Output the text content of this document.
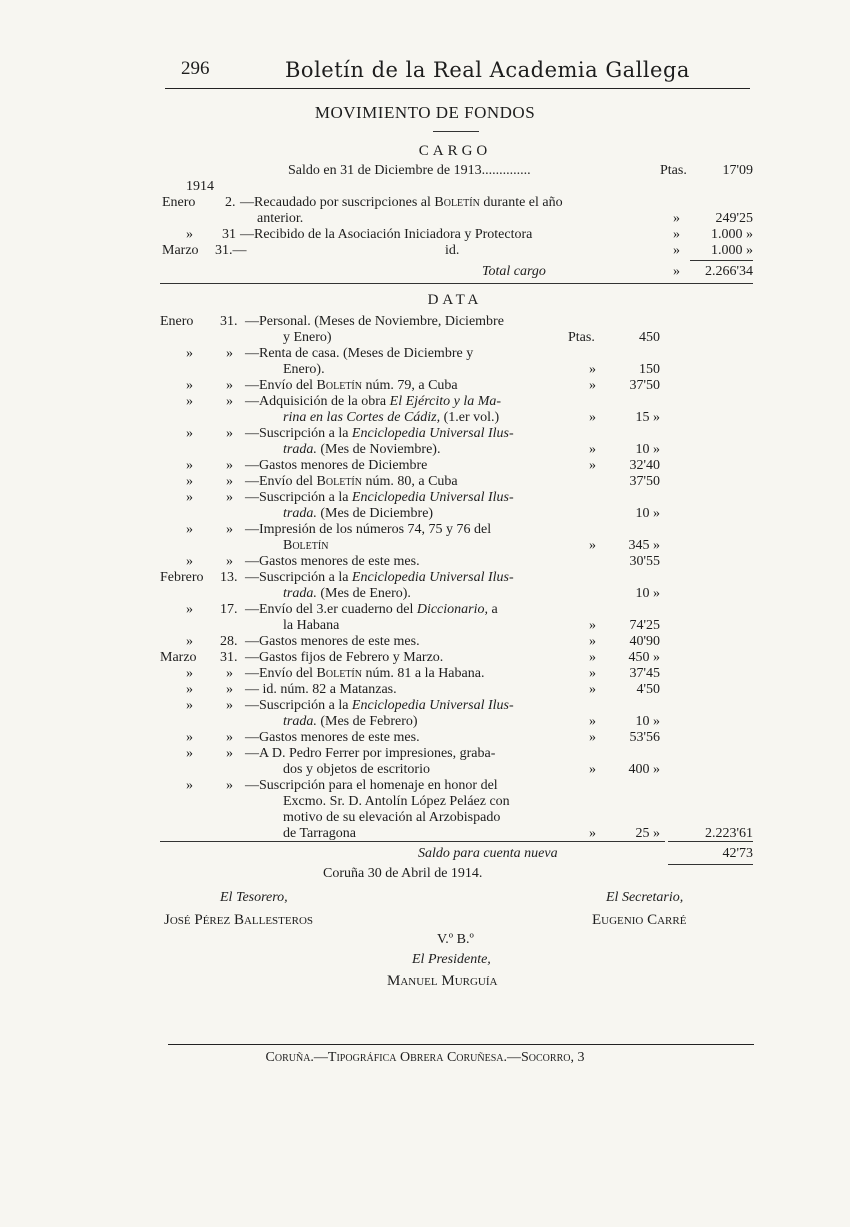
296	Boletín de la Real Academia Gallega
MOVIMIENTO DE FONDOS
CARGO
Saldo en 31 de Diciembre de 1913..............	Ptas.	17'09
1914
Enero 2. —Recaudado por suscripciones al Boletín durante el año
anterior.	»	249'25
» 31 —Recibido de la Asociación Iniciadora y Protectora	»	1.000 »
Marzo 31.—	id.	»	1.000 »
Total cargo	»	2.266'34
DATA
Enero 31. —Personal. (Meses de Noviembre, Diciembre
y Enero)	Ptas.	450
» » —Renta de casa. (Meses de Diciembre y
Enero).	»	150
» » —Envío del Boletín núm. 79, a Cuba	»	37'50
» » —Adquisición de la obra El Ejército y la Ma-
rina en las Cortes de Cádiz, (1.er vol.)	»	15 »
» » —Suscripción a la Enciclopedia Universal Ilus-
trada. (Mes de Noviembre).	»	10 »
» » —Gastos menores de Diciembre	»	32'40
» » —Envío del Boletín núm. 80, a Cuba	37'50
» » —Suscripción a la Enciclopedia Universal Ilus-
trada. (Mes de Diciembre)	10 »
» » —Impresión de los números 74, 75 y 76 del
Boletín	»	345 »
» » —Gastos menores de este mes.	30'55
Febrero 13. —Suscripción a la Enciclopedia Universal Ilus-
trada. (Mes de Enero).	10 »
» 17. —Envío del 3.er cuaderno del Diccionario, a
la Habana	»	74'25
» 28. —Gastos menores de este mes.	»	40'90
Marzo 31. —Gastos fijos de Febrero y Marzo.	»	450 »
» » —Envío del Boletín núm. 81 a la Habana.	»	37'45
» » — id. núm. 82 a Matanzas.	»	4'50
» » —Suscripción a la Enciclopedia Universal Ilus-
trada. (Mes de Febrero)	»	10 »
» » —Gastos menores de este mes.	»	53'56
» » —A D. Pedro Ferrer por impresiones, graba-
dos y objetos de escritorio	»	400 »
» » —Suscripción para el homenaje en honor del
Excmo. Sr. D. Antolín López Peláez con
motivo de su elevación al Arzobispado
de Tarragona	»	25 »	2.223'61
Saldo para cuenta nueva	42'73
Coruña 30 de Abril de 1914.
El Tesorero,	El Secretario,
José Pérez Ballesteros	Eugenio Carré
V.º B.º
El Presidente,
Manuel Murguía
Coruña.—Tipográfica Obrera Coruñesa.—Socorro, 3
